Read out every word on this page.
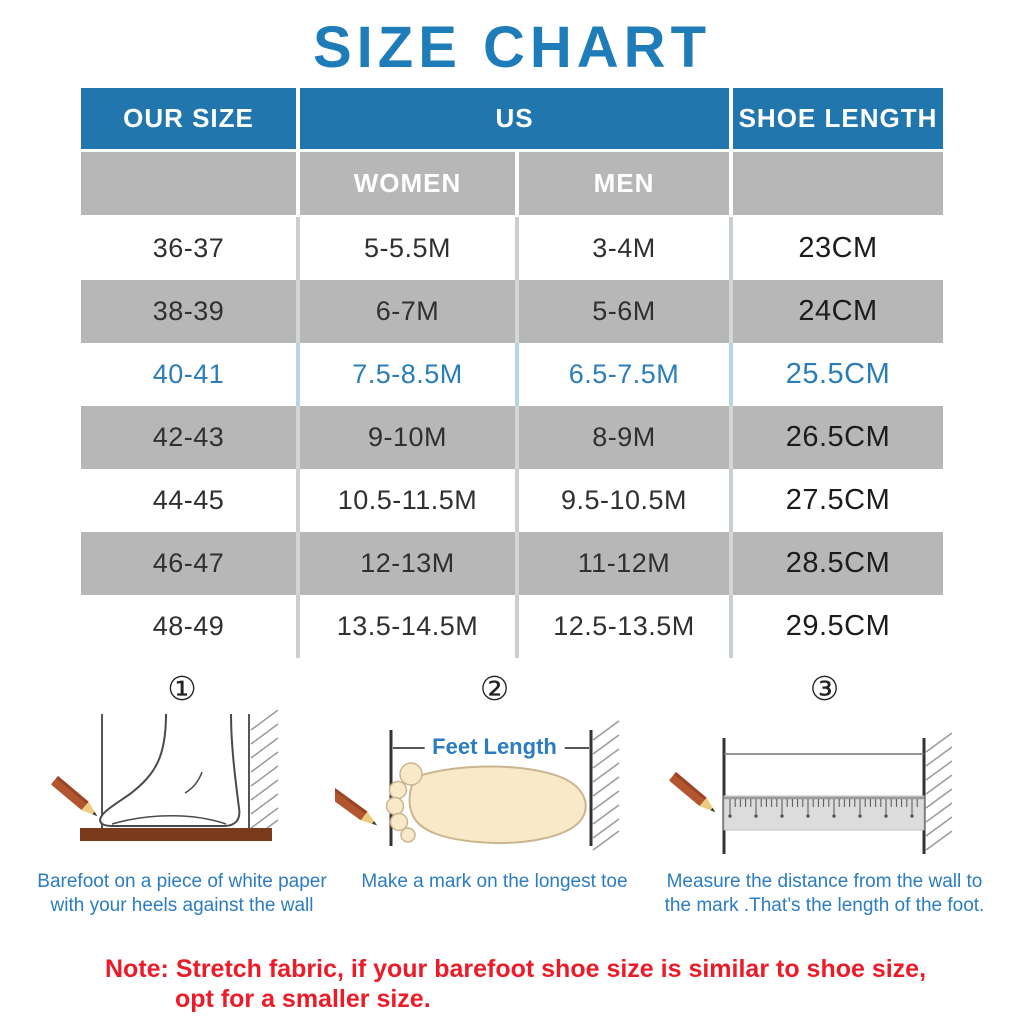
SIZE CHART
OUR SIZE	US		SHOE LENGTH
	WOMEN	MEN	
36-37	5-5.5M	3-4M	23CM
38-39	6-7M	5-6M	24CM
40-41	7.5-8.5M	6.5-7.5M	25.5CM
42-43	9-10M	8-9M	26.5CM
44-45	10.5-11.5M	9.5-10.5M	27.5CM
46-47	12-13M	11-12M	28.5CM
48-49	13.5-14.5M	12.5-13.5M	29.5CM
①
Barefoot on a piece of white paper
with your heels against the wall
②
Feet Length
Make a mark on the longest toe
③
Measure the distance from the wall to
the mark .That’s the length of the foot.
Note: Stretch fabric, if your barefoot shoe size is similar to shoe size,
opt for a smaller size.
